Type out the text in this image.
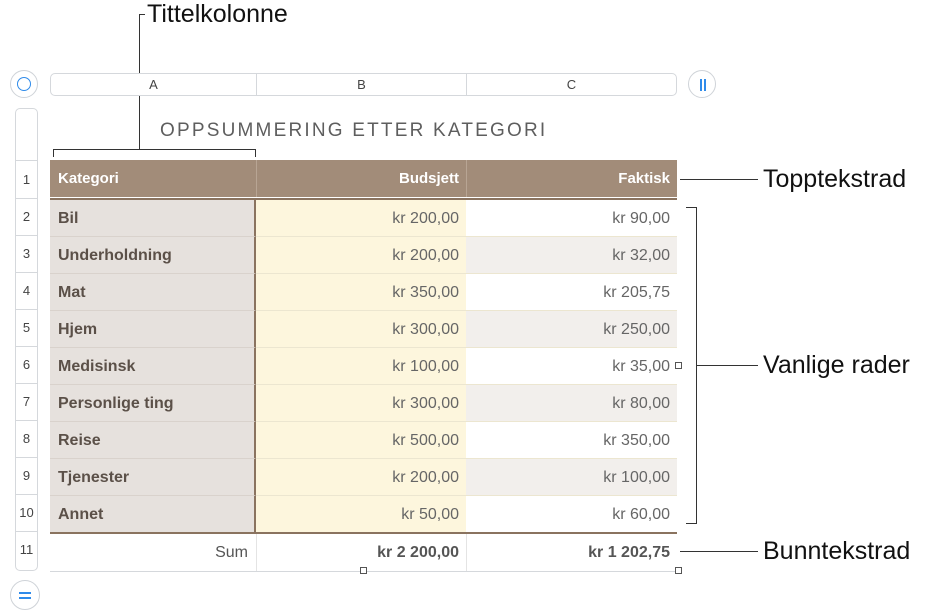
Tittelkolonne
Topptekstrad
Vanlige rader
Bunntekstrad
A	B	C
1
2
3
4
5
6
7
8
9
10
11
OPPSUMMERING ETTER KATEGORI
Kategori	Budsjett	Faktisk
Bil	kr 200,00	kr 90,00
Underholdning	kr 200,00	kr 32,00
Mat	kr 350,00	kr 205,75
Hjem	kr 300,00	kr 250,00
Medisinsk	kr 100,00	kr 35,00
Personlige ting	kr 300,00	kr 80,00
Reise	kr 500,00	kr 350,00
Tjenester	kr 200,00	kr 100,00
Annet	kr 50,00	kr 60,00
Sum	kr 2 200,00	kr 1 202,75
